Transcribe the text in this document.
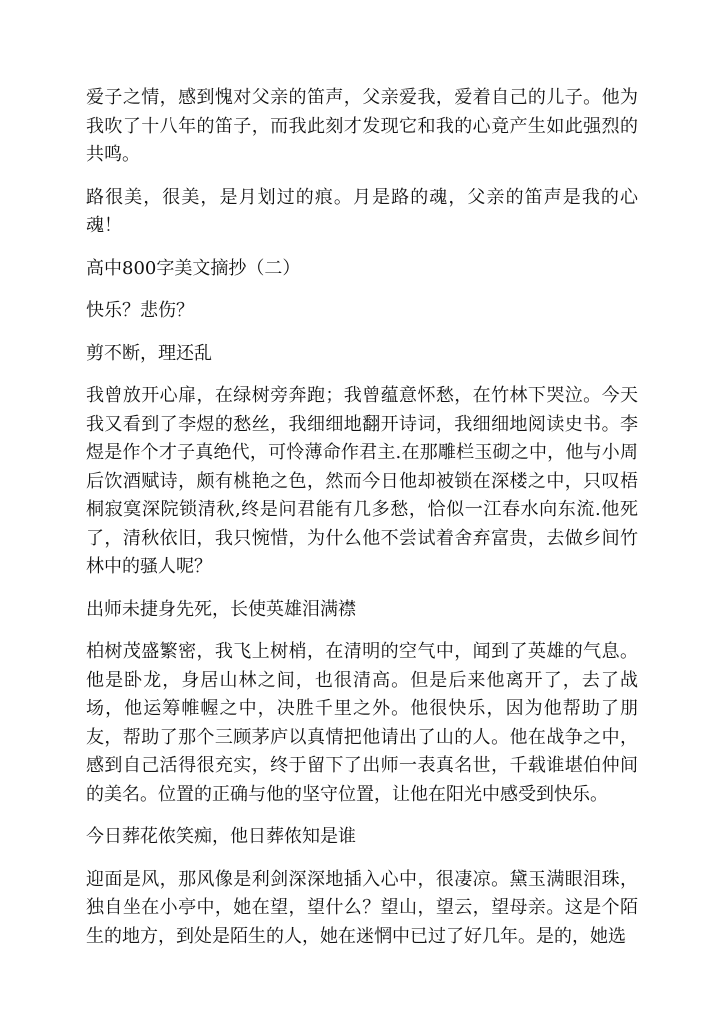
爱子之情，感到愧对父亲的笛声，父亲爱我，爱着自己的儿子。他为我吹了十八年的笛子，而我此刻才发现它和我的心竟产生如此强烈的共鸣。

路很美，很美，是月划过的痕。月是路的魂，父亲的笛声是我的心魂！

高中800字美文摘抄（二）

快乐？悲伤？

剪不断，理还乱

我曾放开心扉，在绿树旁奔跑；我曾蕴意怀愁，在竹林下哭泣。今天我又看到了李煜的愁丝，我细细地翻开诗词，我细细地阅读史书。李煜是作个才子真绝代，可怜薄命作君主.在那雕栏玉砌之中，他与小周后饮酒赋诗，颇有桃艳之色，然而今日他却被锁在深楼之中，只叹梧桐寂寞深院锁清秋,终是问君能有几多愁，恰似一江春水向东流.他死了，清秋依旧，我只惋惜，为什么他不尝试着舍弃富贵，去做乡间竹林中的骚人呢？

出师未捷身先死，长使英雄泪满襟

柏树茂盛繁密，我飞上树梢，在清明的空气中，闻到了英雄的气息。他是卧龙，身居山林之间，也很清高。但是后来他离开了，去了战场，他运筹帷幄之中，决胜千里之外。他很快乐，因为他帮助了朋友，帮助了那个三顾茅庐以真情把他请出了山的人。他在战争之中，感到自己活得很充实，终于留下了出师一表真名世，千载谁堪伯仲间的美名。位置的正确与他的坚守位置，让他在阳光中感受到快乐。

今日葬花侬笑痴，他日葬侬知是谁

迎面是风，那风像是利剑深深地插入心中，很凄凉。黛玉满眼泪珠，独自坐在小亭中，她在望，望什么？望山，望云，望母亲。这是个陌生的地方，到处是陌生的人，她在迷惘中已过了好几年。是的，她选
